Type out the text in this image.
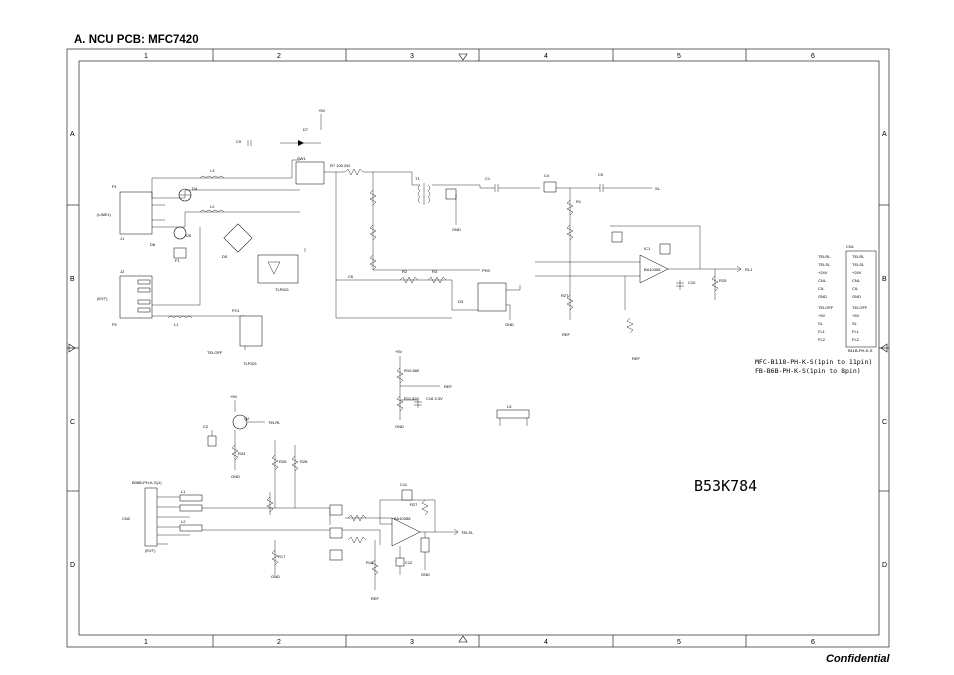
A. NCU PCB: MFC7420
Confidential
1	2	3	4	5	6
1	2	3	4	5	6
A
B
C
D
A
B
C
D
P1
(LINE1)
J1
J2
(EXT)
P2
D4
D6
D5
F1
L3
L2
L1
+5V
D7
SW1
C9
R7 100 2W
D5
TLP621
PC1
TLP321
TELOFF
T1
GND
C1
C4	C5
SL
R1
BA10358
IC1
RL1
R25
C10
R27
REF
REF
PH3
D3
R2	R3
GND
C6
CN1
B11B-PH-K-S
TELRL
TELSL
+24V
CNL
CIL
GND
TELOFF
+5V
SL
FL1
FL2
TELRL
TELSL
+24V
CNL
CIL
GND
TELOFF
+5V
SL
FL1
FL2
MFC-B118-PH-K-S(1pin to 11pin)
FB-B6B-PH-K-S(1pin to 8pin)
+5V
R10 680
R11 820
REF
C16 3.3V
GND
L5
B53K784
+5V
Q2
C2
R24
GND
TELRL
B08B-PH-K-S(1)
CN2
(EXT)
L1
L2
R26	R28
R17
GND
BA10358
TELSL
C11
R18
REF
C12
GND
R27
